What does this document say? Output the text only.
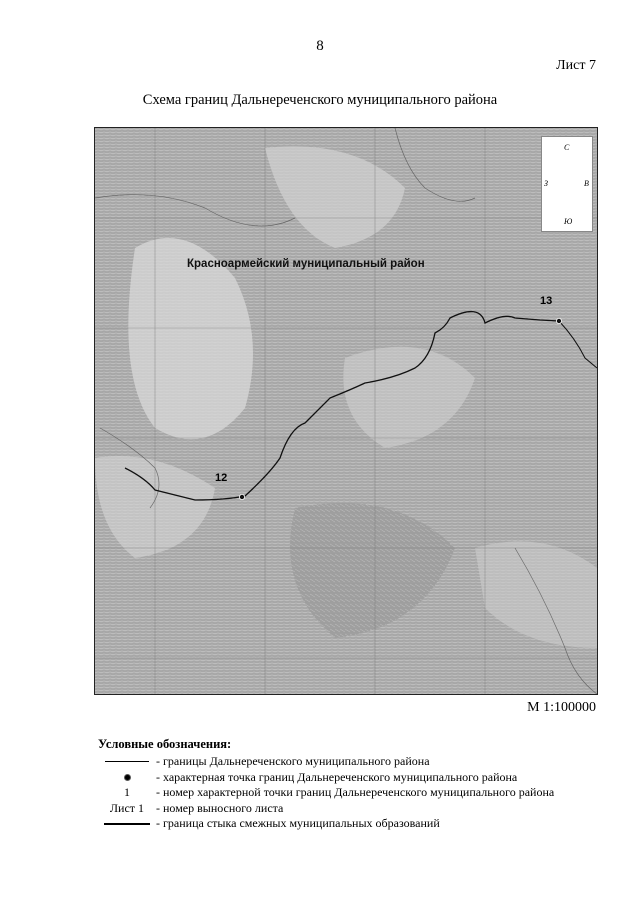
8
Лист 7
Схема границ Дальнереченского муниципального района
Красноармейский муниципальный район
12
13
С
Ю
З	В
М 1:100000
Условные обозначения:
- границы Дальнереченского муниципального района
- характерная точка границ Дальнереченского муниципального района
1	- номер характерной точки границ Дальнереченского муниципального района
Лист 1 - номер выносного листа
- граница стыка смежных муниципальных образований
